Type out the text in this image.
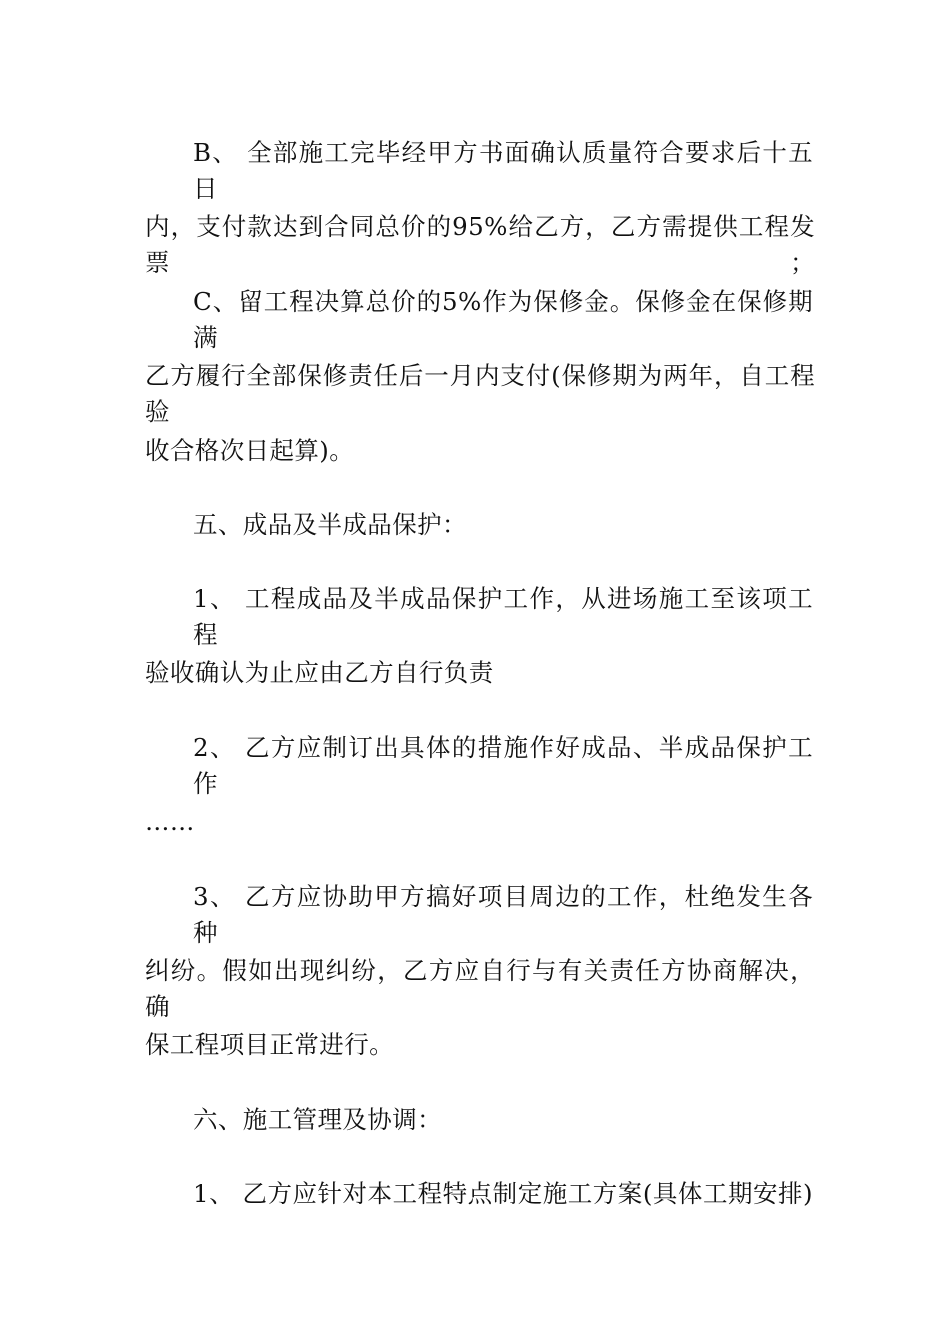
B、 全部施工完毕经甲方书面确认质量符合要求后十五日
内，支付款达到合同总价的95%给乙方，乙方需提供工程发票；
C、留工程决算总价的5%作为保修金。保修金在保修期满
乙方履行全部保修责任后一月内支付(保修期为两年，自工程验
收合格次日起算)。
五、成品及半成品保护：
1、 工程成品及半成品保护工作，从进场施工至该项工程
验收确认为止应由乙方自行负责
2、 乙方应制订出具体的措施作好成品、半成品保护工作
……
3、 乙方应协助甲方搞好项目周边的工作，杜绝发生各种
纠纷。假如出现纠纷，乙方应自行与有关责任方协商解决，确
保工程项目正常进行。
六、施工管理及协调：
1、 乙方应针对本工程特点制定施工方案(具体工期安排)
